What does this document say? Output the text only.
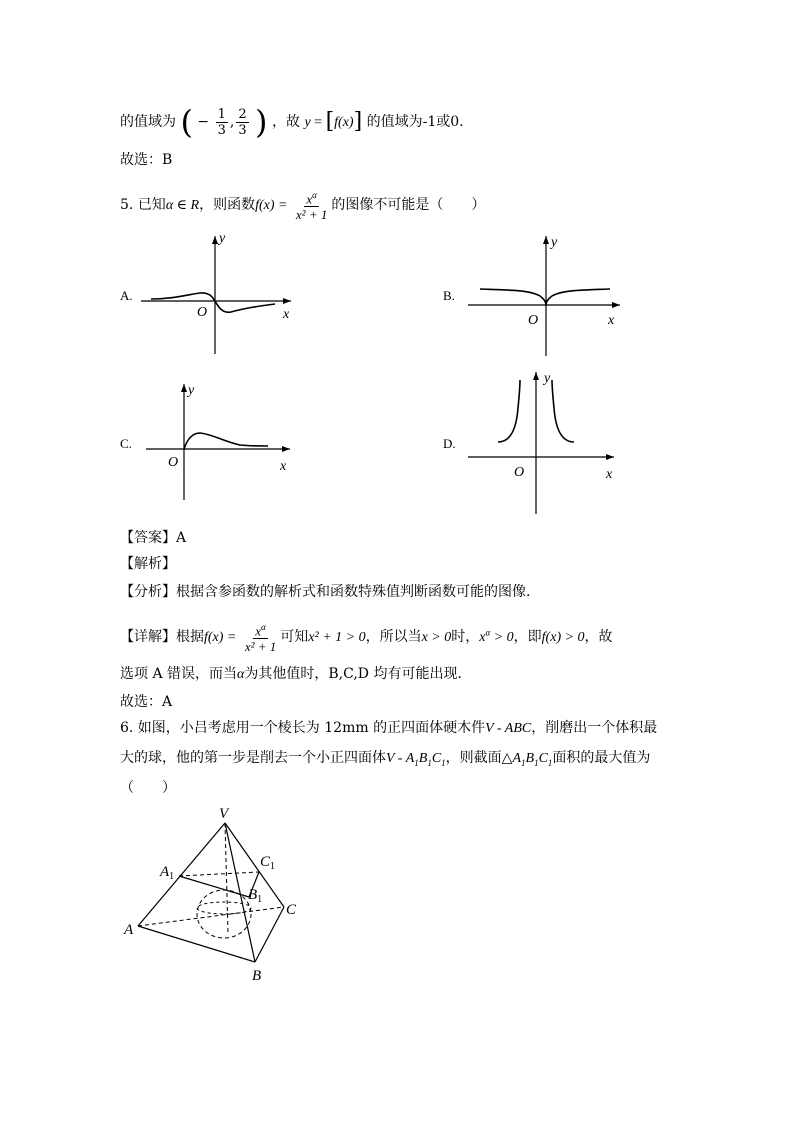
的值域为 ( − $\frac{1}{3}$ , $\frac{2}{3}$ ) ，故 y = [f(x)] 的值域为-1或0.
故选：B
5. 已知α ∈ R，则函数$f(x) = \frac{x^\alpha}{\text{x² + 1}}$ 的图像不可能是（　　）
A.
y
O	x
B.
y
O	x
C.
y
O	x
D.
y
O	x
【答案】A
【解析】
【分析】根据含参函数的解析式和函数特殊值判断函数可能的图像.
【详解】根据$f(x) = \frac{x^\alpha}{\text{x² + 1}}$ 可知x² + 1 > 0，所以当x > 0时，$x^\alpha > 0$，即f(x) > 0，故
选项 A 错误，而当α为其他值时，B,C,D 均有可能出现.
故选：A
6. 如图，小吕考虑用一个棱长为 12mm 的正四面体硬木件V - ABC，削磨出一个体积最
大的球，他的第一步是削去一个小正四面体V - $A_1B_1C_1$，则截面$\triangle A_1B_1C_1$面积的最大值为
（　　）
V
$A_1$
$C_1$
$B_1$
A
C
B
